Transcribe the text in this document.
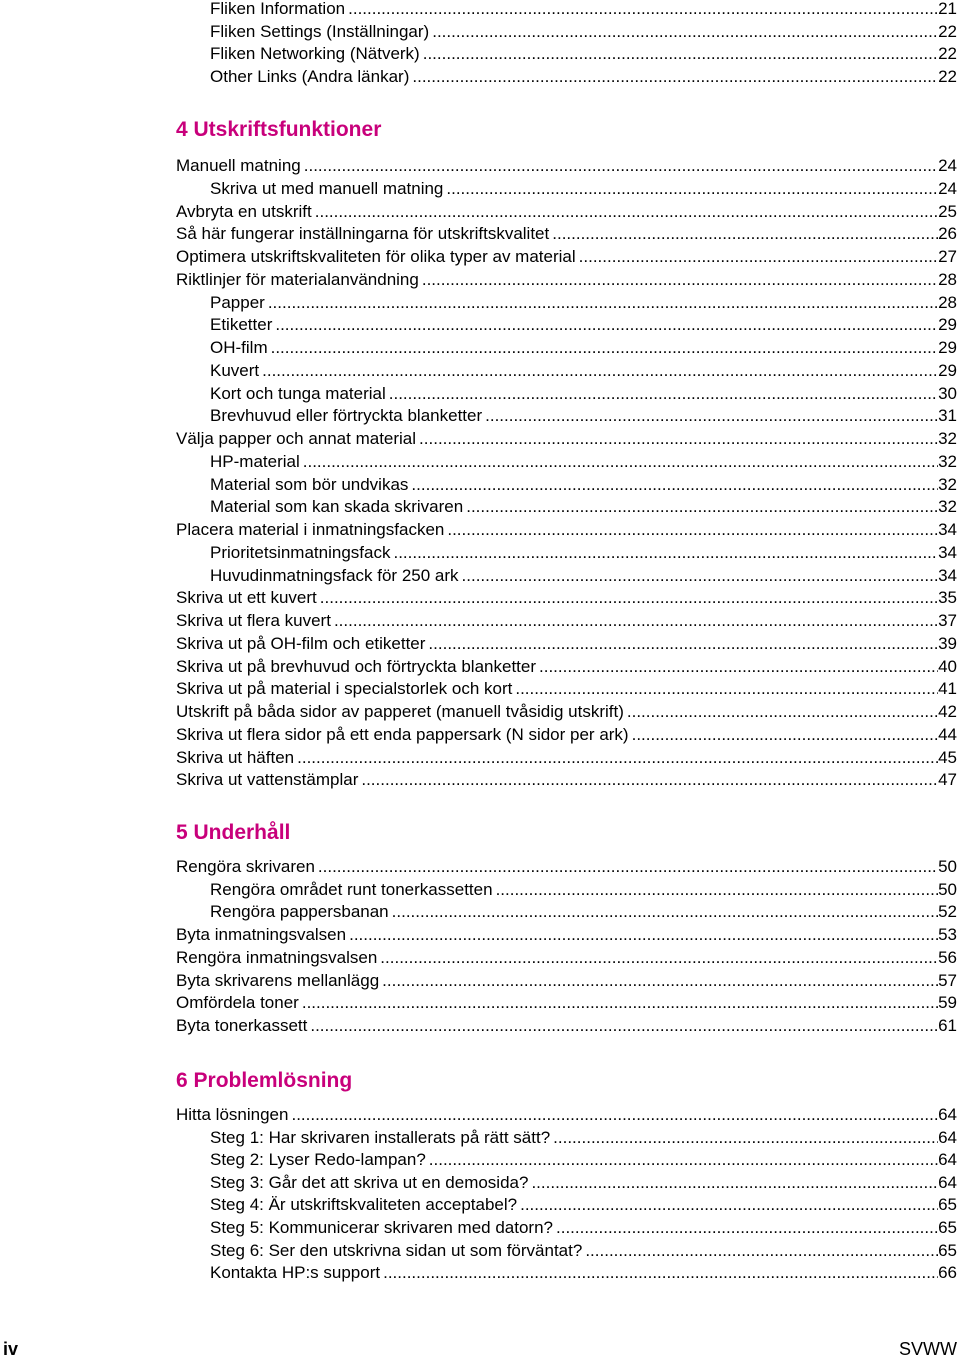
Fliken Information .....	21
Fliken Settings (Inställningar) .....	22
Fliken Networking (Nätverk) .....	22
Other Links (Andra länkar) .....	22
4 Utskriftsfunktioner
Manuell matning .....	24
Skriva ut med manuell matning .....	24
Avbryta en utskrift .....	25
Så här fungerar inställningarna för utskriftskvalitet .....	26
Optimera utskriftskvaliteten för olika typer av material .....	27
Riktlinjer för materialanvändning .....	28
Papper .....	28
Etiketter .....	29
OH-film .....	29
Kuvert .....	29
Kort och tunga material .....	30
Brevhuvud eller förtryckta blanketter .....	31
Välja papper och annat material .....	32
HP-material .....	32
Material som bör undvikas .....	32
Material som kan skada skrivaren .....	32
Placera material i inmatningsfacken .....	34
Prioritetsinmatningsfack .....	34
Huvudinmatningsfack för 250 ark .....	34
Skriva ut ett kuvert .....	35
Skriva ut flera kuvert .....	37
Skriva ut på OH-film och etiketter .....	39
Skriva ut på brevhuvud och förtryckta blanketter .....	40
Skriva ut på material i specialstorlek och kort .....	41
Utskrift på båda sidor av papperet (manuell tvåsidig utskrift) .....	42
Skriva ut flera sidor på ett enda pappersark (N sidor per ark) .....	44
Skriva ut häften .....	45
Skriva ut vattenstämplar .....	47
5 Underhåll
Rengöra skrivaren .....	50
Rengöra området runt tonerkassetten .....	50
Rengöra pappersbanan .....	52
Byta inmatningsvalsen .....	53
Rengöra inmatningsvalsen .....	56
Byta skrivarens mellanlägg .....	57
Omfördela toner .....	59
Byta tonerkassett .....	61
6 Problemlösning
Hitta lösningen .....	64
Steg 1: Har skrivaren installerats på rätt sätt? .....	64
Steg 2: Lyser Redo-lampan? .....	64
Steg 3: Går det att skriva ut en demosida? .....	64
Steg 4: Är utskriftskvaliteten acceptabel? .....	65
Steg 5: Kommunicerar skrivaren med datorn? .....	65
Steg 6: Ser den utskrivna sidan ut som förväntat? .....	65
Kontakta HP:s support .....	66
iv	SVWW
